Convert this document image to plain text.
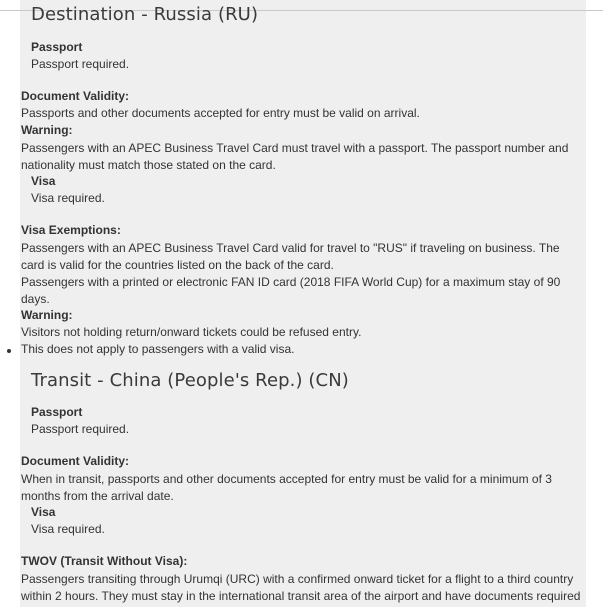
Destination - Russia (RU)
Passport
Passport required.
Document Validity:
Passports and other documents accepted for entry must be valid on arrival.
Warning:
Passengers with an APEC Business Travel Card must travel with a passport. The passport number and nationality must match those stated on the card.
Visa
Visa required.
Visa Exemptions:
Passengers with an APEC Business Travel Card valid for travel to "RUS" if traveling on business. The card is valid for the countries listed on the back of the card.
Passengers with a printed or electronic FAN ID card (2018 FIFA World Cup) for a maximum stay of 90 days.
Warning:
Visitors not holding return/onward tickets could be refused entry.
This does not apply to passengers with a valid visa.
Transit - China (People's Rep.) (CN)
Passport
Passport required.
Document Validity:
When in transit, passports and other documents accepted for entry must be valid for a minimum of 3 months from the arrival date.
Visa
Visa required.
TWOV (Transit Without Visa):
Passengers transiting through Urumqi (URC) with a confirmed onward ticket for a flight to a third country within 2 hours. They must stay in the international transit area of the airport and have documents required
